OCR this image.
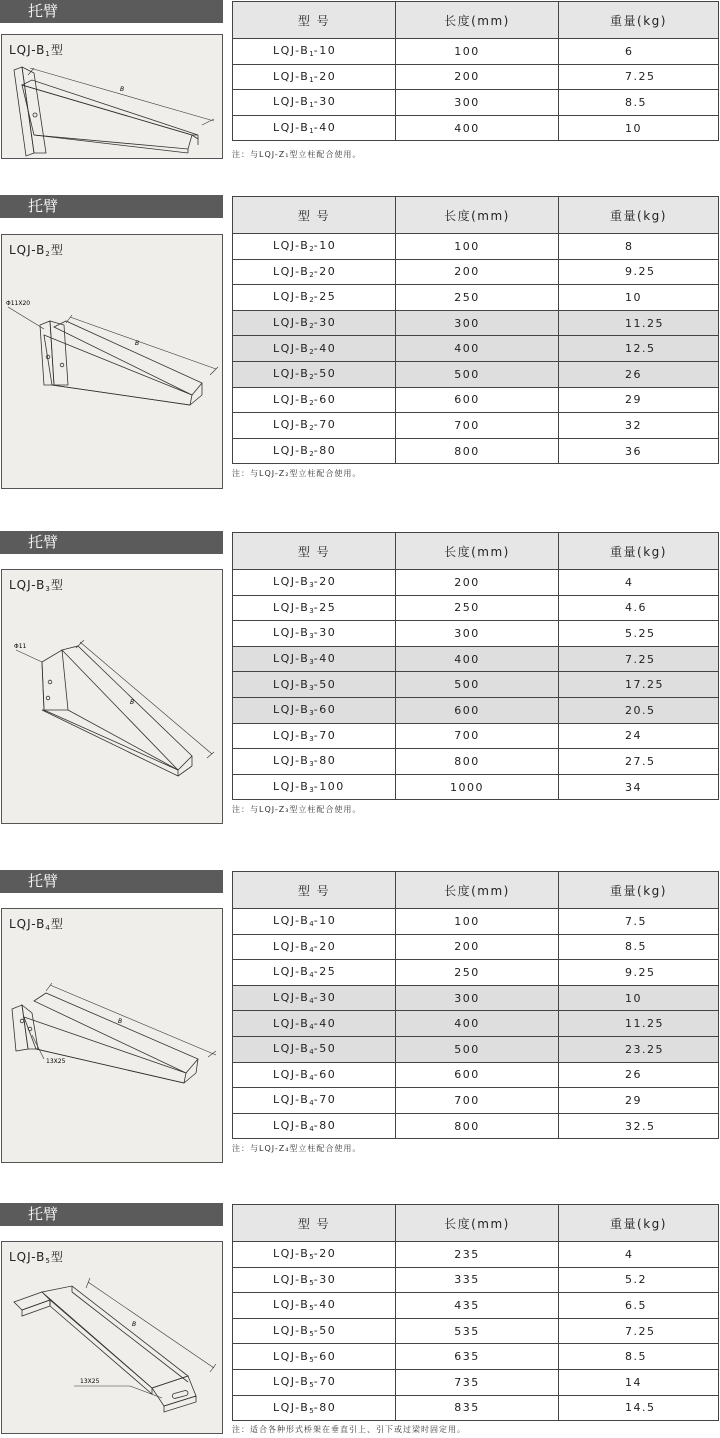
托臂
LQJ-$B_1$型
B
型 号	长度(mm)	重量(kg)
LQJ-B1-10	100	6
LQJ-B1-20	200	7.25
LQJ-B1-30	300	8.5
LQJ-B1-40	400	10
注：与LQJ-Z₁型立柱配合使用。
托臂
LQJ-$B_2$型
Φ11X20
B
型 号	长度(mm)	重量(kg)
LQJ-B2-10	100	8
LQJ-B2-20	200	9.25
LQJ-B2-25	250	10
LQJ-B2-30	300	11.25
LQJ-B2-40	400	12.5
LQJ-B2-50	500	26
LQJ-B2-60	600	29
LQJ-B2-70	700	32
LQJ-B2-80	800	36
注：与LQJ-Z₂型立柱配合使用。
托臂
LQJ-$B_3$型
Φ11
B
型 号	长度(mm)	重量(kg)
LQJ-B3-20	200	4
LQJ-B3-25	250	4.6
LQJ-B3-30	300	5.25
LQJ-B3-40	400	7.25
LQJ-B3-50	500	17.25
LQJ-B3-60	600	20.5
LQJ-B3-70	700	24
LQJ-B3-80	800	27.5
LQJ-B3-100	1000	34
注：与LQJ-Z₃型立柱配合使用。
托臂
LQJ-$B_4$型
13X25
B
型 号	长度(mm)	重量(kg)
LQJ-B4-10	100	7.5
LQJ-B4-20	200	8.5
LQJ-B4-25	250	9.25
LQJ-B4-30	300	10
LQJ-B4-40	400	11.25
LQJ-B4-50	500	23.25
LQJ-B4-60	600	26
LQJ-B4-70	700	29
LQJ-B4-80	800	32.5
注：与LQJ-Z₄型立柱配合使用。
托臂
LQJ-$B_5$型
13X25
B
型 号	长度(mm)	重量(kg)
LQJ-B5-20	235	4
LQJ-B5-30	335	5.2
LQJ-B5-40	435	6.5
LQJ-B5-50	535	7.25
LQJ-B5-60	635	8.5
LQJ-B5-70	735	14
LQJ-B5-80	835	14.5
注：适合各种形式桥架在垂直引上、引下或过梁时固定用。
